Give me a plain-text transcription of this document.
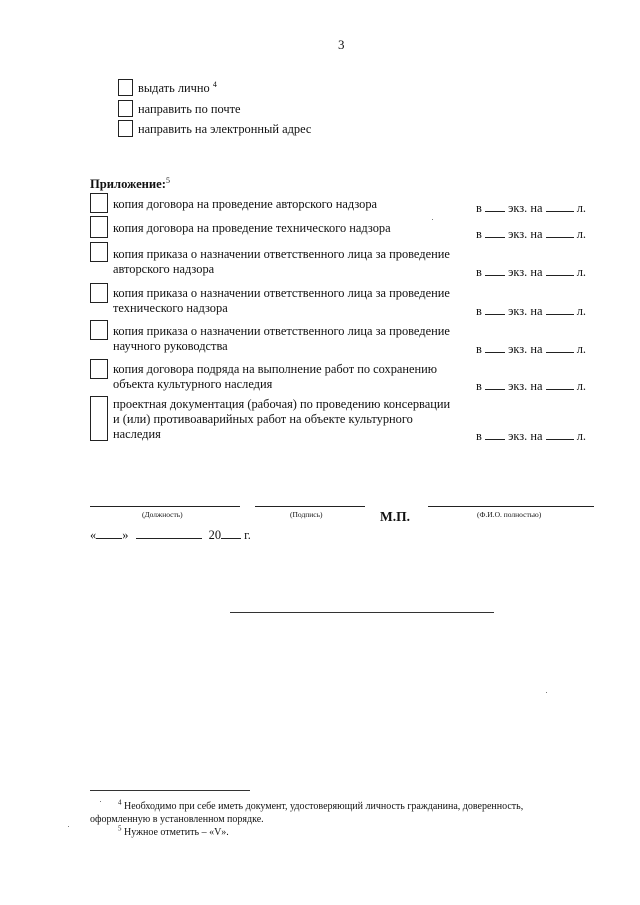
3
выдать лично $^4$
направить по почте
направить на электронный адрес
Приложение:$^5$
копия договора на проведение авторского надзора	в экз. на	л.
копия договора на проведение технического надзора	в экз. на	л.
копия приказа о назначении ответственного лица за проведение
авторского надзора	в экз. на	л.
копия приказа о назначении ответственного лица за проведение
технического надзора	в экз. на	л.
копия приказа о назначении ответственного лица за проведение
научного руководства	в экз. на	л.
копия договора подряда на выполнение работ по сохранению
объекта культурного наследия	в экз. на	л.
проектная документация (рабочая) по проведению консервации
и (или) противоаварийных работ на объекте культурного
наследия	в экз. на	л.
(Должность)	(Подпись)	М.П.	(Ф.И.О. полностью)
« »	20 г.
$^4$ Необходимо при себе иметь документ, удостоверяющий личность гражданина, доверенность,
оформленную в установленном порядке.
$^5$ Нужное отметить – «V».
